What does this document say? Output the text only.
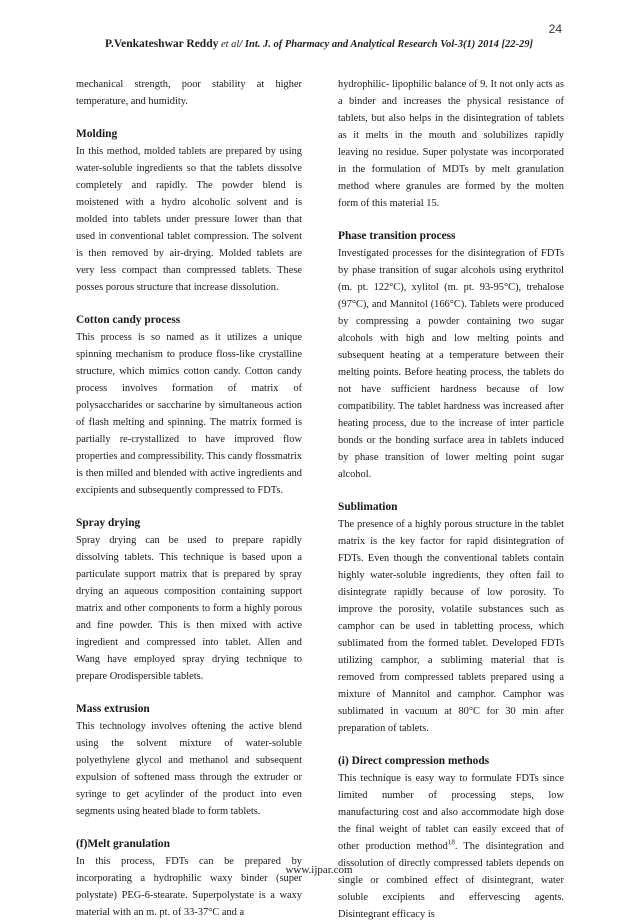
24
P.Venkateshwar Reddy et al/ Int. J. of Pharmacy and Analytical Research Vol-3(1) 2014 [22-29]

mechanical strength, poor stability at higher temperature, and humidity.

Molding

In this method, molded tablets are prepared by using water-soluble ingredients so that the tablets dissolve completely and rapidly. The powder blend is moistened with a hydro alcoholic solvent and is molded into tablets under pressure lower than that used in conventional tablet compression. The solvent is then removed by air-drying. Molded tablets are very less compact than compressed tablets. These posses porous structure that increase dissolution.

Cotton candy process

This process is so named as it utilizes a unique spinning mechanism to produce floss-like crystalline structure, which mimics cotton candy. Cotton candy process involves formation of matrix of polysaccharides or saccharine by simultaneous action of flash melting and spinning. The matrix formed is partially re-crystallized to have improved flow properties and compressibility. This candy flossmatrix is then milled and blended with active ingredients and excipients and subsequently compressed to FDTs.

Spray drying

Spray drying can be used to prepare rapidly dissolving tablets. This technique is based upon a particulate support matrix that is prepared by spray drying an aqueous composition containing support matrix and other components to form a highly porous and fine powder. This is then mixed with active ingredient and compressed into tablet. Allen and Wang have employed spray drying technique to prepare Orodispersible tablets.

Mass extrusion

This technology involves oftening the active blend using the solvent mixture of water-soluble polyethylene glycol and methanol and subsequent expulsion of softened mass through the extruder or syringe to get acylinder of the product into even segments using heated blade to form tablets.

(f)Melt granulation

In this process, FDTs can be prepared by incorporating a hydrophilic waxy binder (super polystate) PEG-6-stearate. Superpolystate is a waxy material with an m. pt. of 33-37°C and a

hydrophilic- lipophilic balance of 9. It not only acts as a binder and increases the physical resistance of tablets, but also helps in the disintegration of tablets as it melts in the mouth and solubilizes rapidly leaving no residue. Super polystate was incorporated in the formulation of MDTs by melt granulation method where granules are formed by the molten form of this material 15.

Phase transition process

Investigated processes for the disintegration of FDTs by phase transition of sugar alcohols using erythritol (m. pt. 122°C), xylitol (m. pt. 93-95°C), trehalose (97°C), and Mannitol (166°C). Tablets were produced by compressing a powder containing two sugar alcohols with high and low melting points and subsequent heating at a temperature between their melting points. Before heating process, the tablets do not have sufficient hardness because of low compatibility. The tablet hardness was increased after heating process, due to the increase of inter particle bonds or the bonding surface area in tablets induced by phase transition of lower melting point sugar alcohol.

Sublimation

The presence of a highly porous structure in the tablet matrix is the key factor for rapid disintegration of FDTs. Even though the conventional tablets contain highly water-soluble ingredients, they often fail to disintegrate rapidly because of low porosity. To improve the porosity, volatile substances such as camphor can be used in tabletting process, which sublimated from the formed tablet. Developed FDTs utilizing camphor, a subliming material that is removed from compressed tablets prepared using a mixture of Mannitol and camphor. Camphor was sublimated in vacuum at 80°C for 30 min after preparation of tablets.

(i) Direct compression methods

This technique is easy way to formulate FDTs since limited number of processing steps, low manufacturing cost and also accommodate high dose the final weight of tablet can easily exceed that of other production method$^{18}$. The disintegration and dissolution of directly compressed tablets depends on single or combined effect of disintegrant, water soluble excipients and effervescing agents. Disintegrant efficacy is

www.ijpar.com
